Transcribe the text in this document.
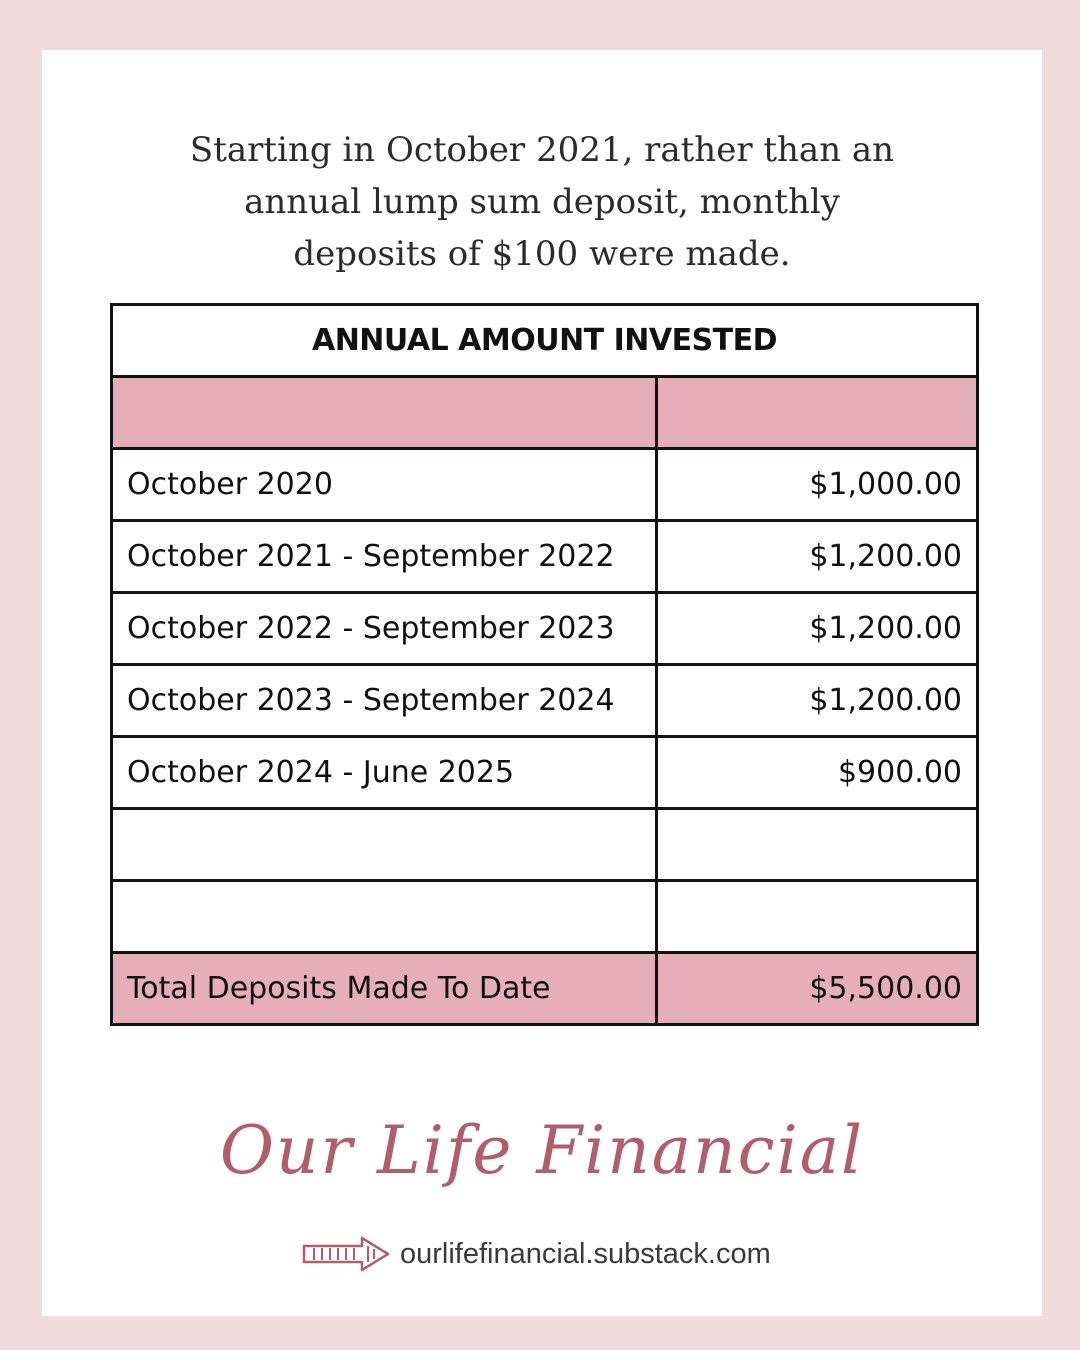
Starting in October 2021, rather than an
annual lump sum deposit, monthly
deposits of $100 were made.
ANNUAL AMOUNT INVESTED	

October 2020	$1,000.00
October 2021 - September 2022	$1,200.00
October 2022 - September 2023	$1,200.00
October 2023 - September 2024	$1,200.00
October 2024 - June 2025	$900.00

Total Deposits Made To Date	$5,500.00
Our Life Financial
ourlifefinancial.substack.com
